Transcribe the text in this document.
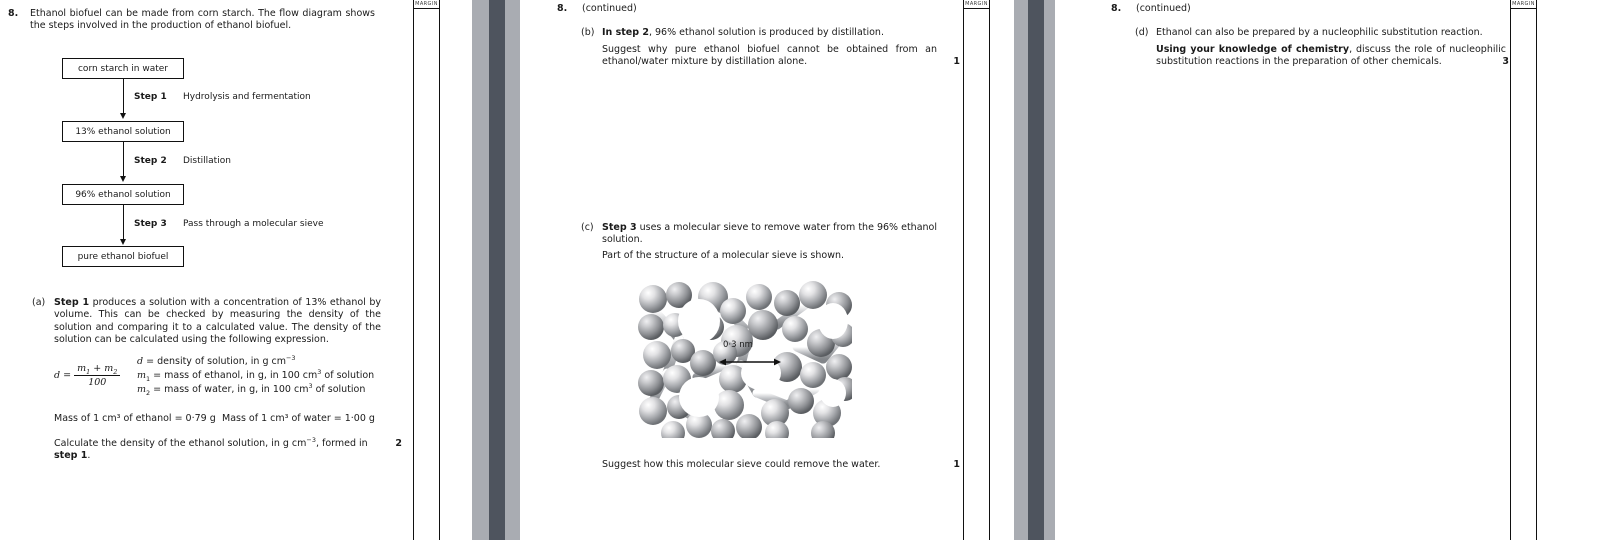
8. Ethanol biofuel can be made from corn starch. The flow diagram shows the steps involved in the production of ethanol biofuel.
corn starch in water
Step 1 Hydrolysis and fermentation
13% ethanol solution
Step 2 Distillation
96% ethanol solution
Step 3 Pass through a molecular sieve
pure ethanol biofuel
(a) Step 1 produces a solution with a concentration of 13% ethanol by volume. This can be checked by measuring the density of the solution and comparing it to a calculated value. The density of the solution can be calculated using the following expression.
$d = \frac{m_1 + m_2}{100}$
d = density of solution, in g $cm^{-3}$
$m_1$ = mass of ethanol, in g, in 100 $cm^3$ of solution
$m_2$ = mass of water, in g, in 100 $cm^3$ of solution
Mass of 1 cm³ of ethanol = 0·79 g Mass of 1 cm³ of water = 1·00 g
Calculate the density of the ethanol solution, in g $cm^{-3}$, formed in step 1.
2
MARGIN	8. (continued)
(b) In step 2, 96% ethanol solution is produced by distillation.
Suggest why pure ethanol biofuel cannot be obtained from an ethanol/water mixture by distillation alone.	1
(c) Step 3 uses a molecular sieve to remove water from the 96% ethanol solution.
Part of the structure of a molecular sieve is shown.
0·3 nm
Suggest how this molecular sieve could remove the water.	1
MARGIN	8. (continued)
(d) Ethanol can also be prepared by a nucleophilic substitution reaction.
Using your knowledge of chemistry, discuss the role of nucleophilic substitution reactions in the preparation of other chemicals.	3
MARGIN
